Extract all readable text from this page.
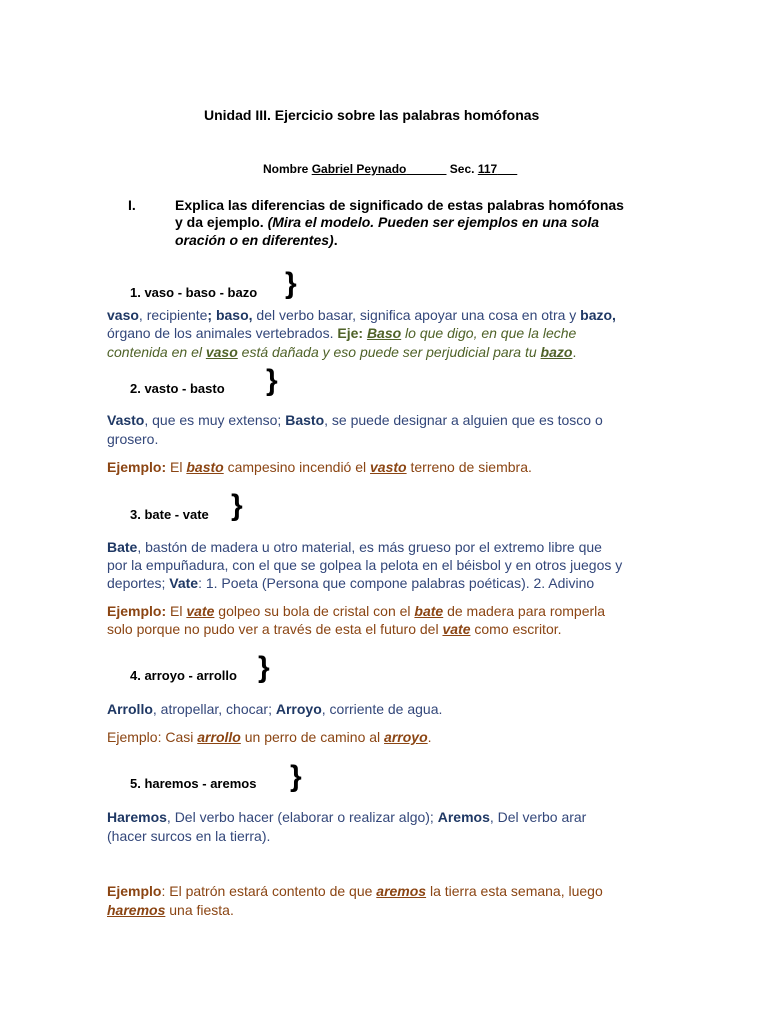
Unidad III. Ejercicio sobre las palabras homófonas
Nombre Gabriel Peynado______ Sec. 117___
I.	Explica las diferencias de significado de estas palabras homófonas
y da ejemplo. (Mira el modelo. Pueden ser ejemplos en una sola
oración o en diferentes).
1. vaso - baso - bazo }
vaso, recipiente; baso, del verbo basar, significa apoyar una cosa en otra y bazo,
órgano de los animales vertebrados. Eje: Baso lo que digo, en que la leche
contenida en el vaso está dañada y eso puede ser perjudicial para tu bazo.
2. vasto - basto }
Vasto, que es muy extenso; Basto, se puede designar a alguien que es tosco o
grosero.
Ejemplo: El basto campesino incendió el vasto terreno de siembra.
3. bate - vate }
Bate, bastón de madera u otro material, es más grueso por el extremo libre que
por la empuñadura, con el que se golpea la pelota en el béisbol y en otros juegos y
deportes; Vate: 1. Poeta (Persona que compone palabras poéticas). 2. Adivino
Ejemplo: El vate golpeo su bola de cristal con el bate de madera para romperla
solo porque no pudo ver a través de esta el futuro del vate como escritor.
4. arroyo - arrollo }
Arrollo, atropellar, chocar; Arroyo, corriente de agua.
Ejemplo: Casi arrollo un perro de camino al arroyo.
5. haremos - aremos }
Haremos, Del verbo hacer (elaborar o realizar algo); Aremos, Del verbo arar
(hacer surcos en la tierra).
Ejemplo: El patrón estará contento de que aremos la tierra esta semana, luego
haremos una fiesta.
